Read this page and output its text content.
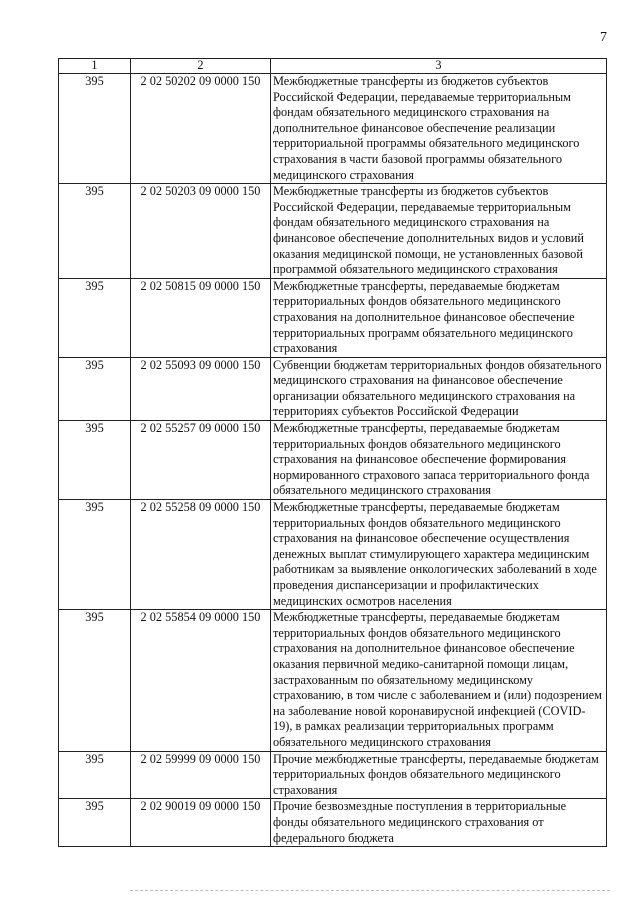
7
1	2	3
395	2 02 50202 09 0000 150	Межбюджетные трансферты из бюджетов субъектов Российской Федерации, передаваемые территориальным фондам обязательного медицинского страхования на дополнительное финансовое обеспечение реализации территориальной программы обязательного медицинского страхования в части базовой программы обязательного медицинского страхования
395	2 02 50203 09 0000 150	Межбюджетные трансферты из бюджетов субъектов Российской Федерации, передаваемые территориальным фондам обязательного медицинского страхования на финансовое обеспечение дополнительных видов и условий оказания медицинской помощи, не установленных базовой программой обязательного медицинского страхования
395	2 02 50815 09 0000 150	Межбюджетные трансферты, передаваемые бюджетам территориальных фондов обязательного медицинского страхования на дополнительное финансовое обеспечение территориальных программ обязательного медицинского страхования
395	2 02 55093 09 0000 150	Субвенции бюджетам территориальных фондов обязательного медицинского страхования на финансовое обеспечение организации обязательного медицинского страхования на территориях субъектов Российской Федерации
395	2 02 55257 09 0000 150	Межбюджетные трансферты, передаваемые бюджетам территориальных фондов обязательного медицинского страхования на финансовое обеспечение формирования нормированного страхового запаса территориального фонда обязательного медицинского страхования
395	2 02 55258 09 0000 150	Межбюджетные трансферты, передаваемые бюджетам территориальных фондов обязательного медицинского страхования на финансовое обеспечение осуществления денежных выплат стимулирующего характера медицинским работникам за выявление онкологических заболеваний в ходе проведения диспансеризации и профилактических медицинских осмотров населения
395	2 02 55854 09 0000 150	Межбюджетные трансферты, передаваемые бюджетам территориальных фондов обязательного медицинского страхования на дополнительное финансовое обеспечение оказания первичной медико-санитарной помощи лицам, застрахованным по обязательному медицинскому страхованию, в том числе с заболеванием и (или) подозрением на заболевание новой коронавирусной инфекцией (COVID-19), в рамках реализации территориальных программ обязательного медицинского страхования
395	2 02 59999 09 0000 150	Прочие межбюджетные трансферты, передаваемые бюджетам территориальных фондов обязательного медицинского страхования
395	2 02 90019 09 0000 150	Прочие безвозмездные поступления в территориальные фонды обязательного медицинского страхования от федерального бюджета
